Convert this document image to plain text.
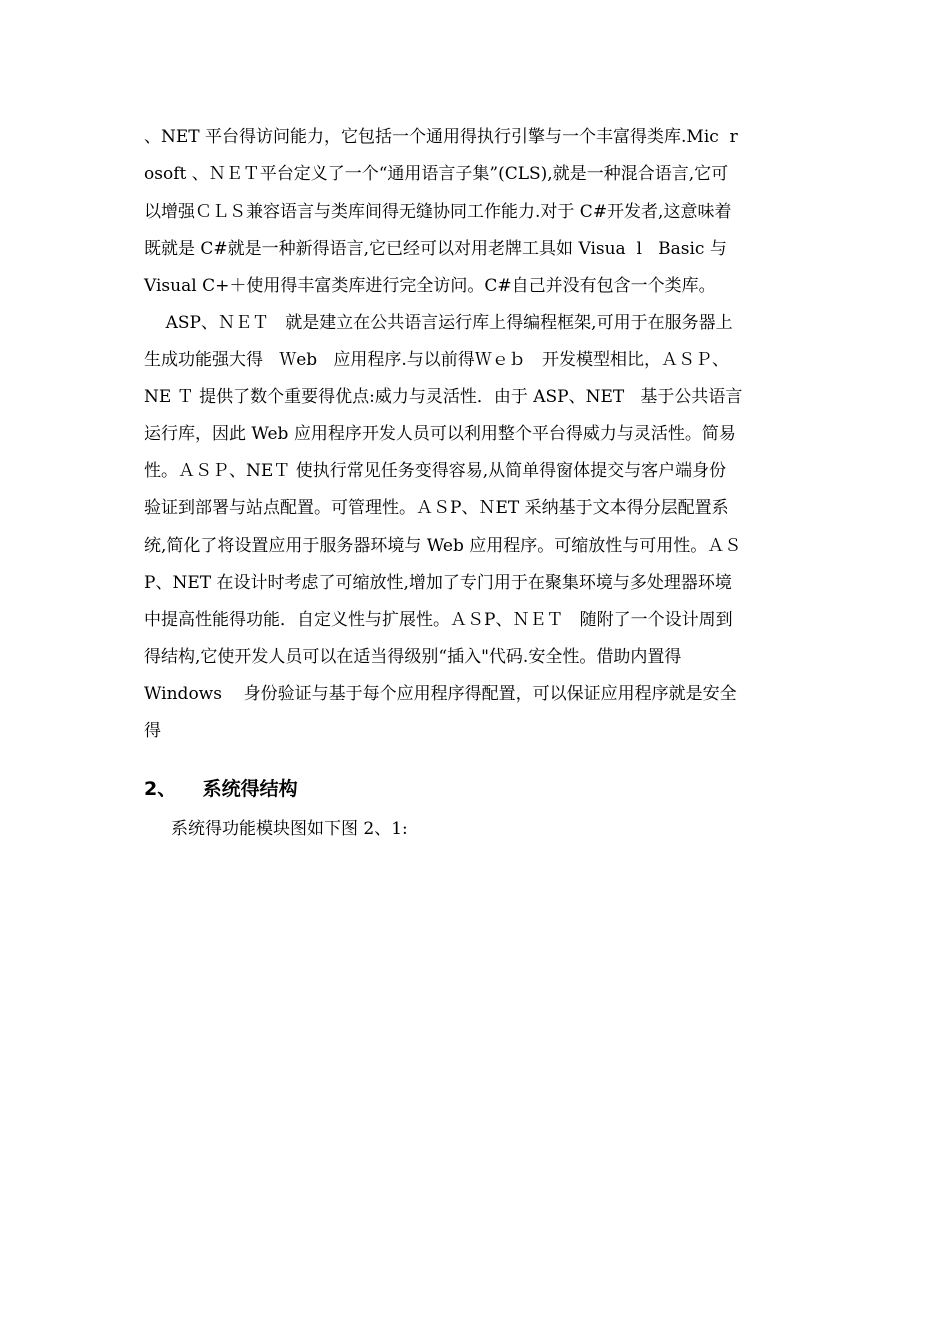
、NET 平台得访问能力，它包括一个通用得执行引擎与一个丰富得类库.Mic  r
osoft 、ＮＥＴ平台定义了一个“通用语言子集”(CLS),就是一种混合语言,它可
以增强ＣＬＳ兼容语言与类库间得无缝协同工作能力.对于 C#开发者,这意味着
既就是 C#就是一种新得语言,它已经可以对用老牌工具如 Visua  l   Basic 与
Visual C+＋使用得丰富类库进行完全访问。C#自己并没有包含一个类库。
ASP、ＮＥＴ   就是建立在公共语言运行库上得编程框架,可用于在服务器上
生成功能强大得   Ｗeb   应用程序.与以前得Ｗｅｂ   开发模型相比，ＡＳＰ、
NE Ｔ 提供了数个重要得优点:威力与灵活性．由于 ASP、NET   基于公共语言
运行库，因此 Web 应用程序开发人员可以利用整个平台得威力与灵活性。简易
性。ＡＳＰ、NEＴ 使执行常见任务变得容易,从简单得窗体提交与客户端身份
验证到部署与站点配置。可管理性。ＡＳP、ＮET 采纳基于文本得分层配置系
统,简化了将设置应用于服务器环境与 Web 应用程序。可缩放性与可用性。ＡＳ
P、NET 在设计时考虑了可缩放性,增加了专门用于在聚集环境与多处理器环境
中提高性能得功能．自定义性与扩展性。ＡＳP、ＮＥＴ   随附了一个设计周到
得结构,它使开发人员可以在适当得级别“插入"代码.安全性。借助内置得
Windows    身份验证与基于每个应用程序得配置，可以保证应用程序就是安全
得
2、    系统得结构
系统得功能模块图如下图 2、1:
